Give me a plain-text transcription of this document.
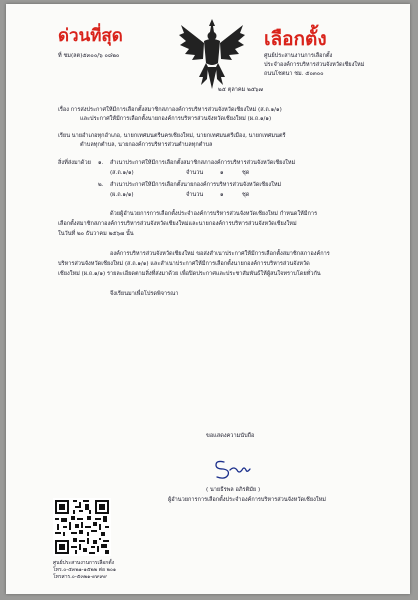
ด่วนที่สุด	เลือกตั้ง
ที่ ชม(ลต)๕๓๐๐/๖ ๐๘๒๐	ศูนย์ประสานงานการเลือกตั้ง
ประจำองค์การบริหารส่วนจังหวัดเชียงใหม่
ถนนโชตนา ชม. ๕๐๓๐๐
๒๕ ตุลาคม ๒๕๖๗
เรื่อง การส่งประกาศให้มีการเลือกตั้งสมาชิกสภาองค์การบริหารส่วนจังหวัดเชียงใหม่ (ส.ถ.๑/๑)
และประกาศให้มีการเลือกตั้งนายกองค์การบริหารส่วนจังหวัดเชียงใหม่ (ผ.ถ.๑/๑)
เรียน นายอำเภอทุกอำเภอ, นายกเทศมนตรีนครเชียงใหม่, นายกเทศมนตรีเมือง, นายกเทศมนตรี
ตำบลทุกตำบล, นายกองค์การบริหารส่วนตำบลทุกตำบล
สิ่งที่ส่งมาด้วย ๑. สำเนาประกาศให้มีการเลือกตั้งสมาชิกสภาองค์การบริหารส่วนจังหวัดเชียงใหม่
(ส.ถ.๑/๑)	จำนวน	๑	ชุด
๒. สำเนาประกาศให้มีการเลือกตั้งนายกองค์การบริหารส่วนจังหวัดเชียงใหม่
(ผ.ถ.๑/๑)	จำนวน	๑	ชุด
ด้วยผู้อำนวยการการเลือกตั้งประจำองค์การบริหารส่วนจังหวัดเชียงใหม่ กำหนดให้มีการ
เลือกตั้งสมาชิกสภาองค์การบริหารส่วนจังหวัดเชียงใหม่และนายกองค์การบริหารส่วนจังหวัดเชียงใหม่
ในวันที่ ๒๐ ธันวาคม ๒๕๖๗ นั้น
องค์การบริหารส่วนจังหวัดเชียงใหม่ ขอส่งสำเนาประกาศให้มีการเลือกตั้งสมาชิกสภาองค์การ
บริหารส่วนจังหวัดเชียงใหม่ (ส.ถ.๑/๑) และสำเนาประกาศให้มีการเลือกตั้งนายกองค์การบริหารส่วนจังหวัด
เชียงใหม่ (ผ.ถ.๑/๑) รายละเอียดตามสิ่งที่ส่งมาด้วย เพื่อปิดประกาศและประชาสัมพันธ์ให้ผู้สนใจทราบโดยทั่วกัน
จึงเรียนมาเพื่อโปรดพิจารณา
ขอแสดงความนับถือ
( นายธีรพล อภิรติมัย )
ผู้อำนวยการการเลือกตั้งประจำองค์การบริหารส่วนจังหวัดเชียงใหม่
ศูนย์ประสานงานการเลือกตั้ง
โทร.๐-๕๓๒๑-๑๕๒๒ ต่อ ๒๐๑
โทรสาร.๐-๕๓๒๑-๙๙๙๙
